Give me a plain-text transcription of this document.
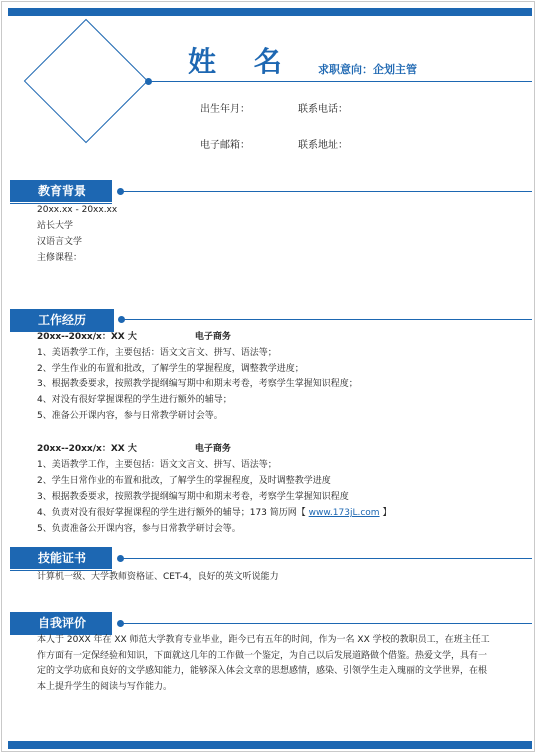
姓 名 求职意向：企划主管
出生年月：	联系电话：
电子邮箱：	联系地址：
教育背景
20xx.xx - 20xx.xx
站长大学
汉语言文学
主修课程：
工作经历
20xx--20xx/x：XX 大	电子商务
1、美语教学工作，主要包括：语文文言文、拼写、语法等；
2、学生作业的布置和批改，了解学生的掌握程度，调整教学进度；
3、根据教委要求，按照教学提纲编写期中和期末考卷，考察学生掌握知识程度；
4、对没有很好掌握课程的学生进行额外的辅导；
5、准备公开课内容，参与日常教学研讨会等。
20xx--20xx/x：XX 大	电子商务
1、美语教学工作，主要包括：语文文言文、拼写、语法等；
2、学生日常作业的布置和批改，了解学生的掌握程度，及时调整教学进度
3、根据教委要求，按照教学提纲编写期中和期末考卷，考察学生掌握知识程度
4、负责对没有很好掌握课程的学生进行额外的辅导；173 简历网【 www.173jL.com 】
5、负责准备公开课内容，参与日常教学研讨会等。
技能证书
计算机一级、大学教师资格证、CET-4，良好的英文听说能力
自我评价
本人于 20XX 年在 XX 师范大学教育专业毕业，距今已有五年的时间，作为一名 XX 学校的教职员工，在班主任工作方面有一定保经验和知识，下面就这几年的工作做一个鉴定，为自己以后发展道路做个借鉴。热爱文学，具有一定的文学功底和良好的文学感知能力，能够深入体会文章的思想感情，感染、引领学生走入瑰丽的文学世界，在根本上提升学生的阅读与写作能力。
